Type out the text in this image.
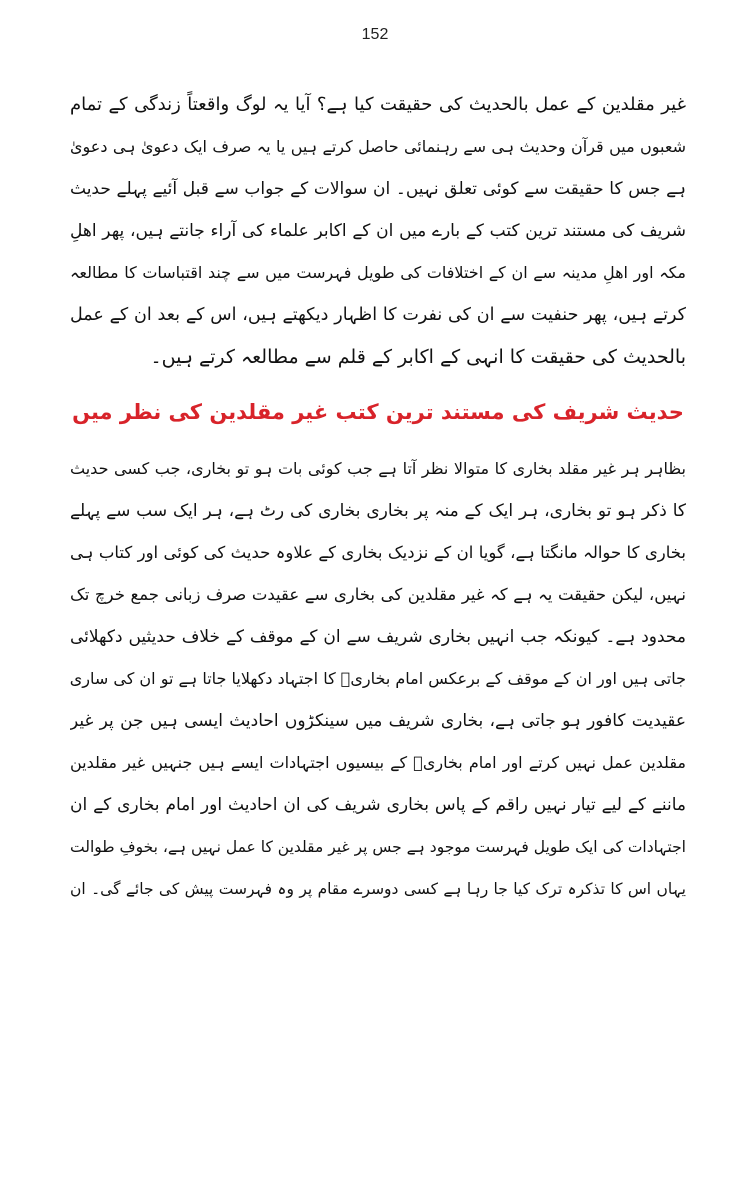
152
غیر مقلدین کے عمل بالحدیث کی حقیقت کیا ہے؟ آیا یہ لوگ واقعتاً زندگی کے تمام
شعبوں میں قرآن وحدیث ہی سے رہنمائی حاصل کرتے ہیں یا یہ صرف ایک دعویٰ ہی دعویٰ
ہے جس کا حقیقت سے کوئی تعلق نہیں۔ ان سوالات کے جواب سے قبل آئیے پہلے حدیث
شریف کی مستند ترین کتب کے بارے میں ان کے اکابر علماء کی آراء جانتے ہیں، پھر اھلِ
مکہ اور اھلِ مدینہ سے ان کے اختلافات کی طویل فہرست میں سے چند اقتباسات کا مطالعہ
کرتے ہیں، پھر حنفیت سے ان کی نفرت کا اظہار دیکھتے ہیں، اس کے بعد ان کے عمل
بالحدیث کی حقیقت کا انہی کے اکابر کے قلم سے مطالعہ کرتے ہیں۔
حدیث شریف کی مستند ترین کتب غیر مقلدین کی نظر میں
بظاہر ہر غیر مقلد بخاری کا متوالا نظر آتا ہے جب کوئی بات ہو تو بخاری، جب کسی حدیث
کا ذکر ہو تو بخاری، ہر ایک کے منہ پر بخاری بخاری کی رٹ ہے، ہر ایک سب سے پہلے
بخاری کا حوالہ مانگتا ہے، گویا ان کے نزدیک بخاری کے علاوہ حدیث کی کوئی اور کتاب ہی
نہیں، لیکن حقیقت یہ ہے کہ غیر مقلدین کی بخاری سے عقیدت صرف زبانی جمع خرچ تک
محدود ہے۔ کیونکہ جب انہیں بخاری شریف سے ان کے موقف کے خلاف حدیثیں دکھلائی
جاتی ہیں اور ان کے موقف کے برعکس امام بخاریؒ کا اجتہاد دکھلایا جاتا ہے تو ان کی ساری
عقیدیت کافور ہو جاتی ہے، بخاری شریف میں سینکڑوں احادیث ایسی ہیں جن پر غیر
مقلدین عمل نہیں کرتے اور امام بخاریؒ کے بیسیوں اجتہادات ایسے ہیں جنہیں غیر مقلدین
ماننے کے لیے تیار نہیں راقم کے پاس بخاری شریف کی ان احادیث اور امام بخاری کے ان
اجتہادات کی ایک طویل فہرست موجود ہے جس پر غیر مقلدین کا عمل نہیں ہے، بخوفِ طوالت
یہاں اس کا تذکرہ ترک کیا جا رہا ہے کسی دوسرے مقام پر وہ فہرست پیش کی جائے گی۔ ان
